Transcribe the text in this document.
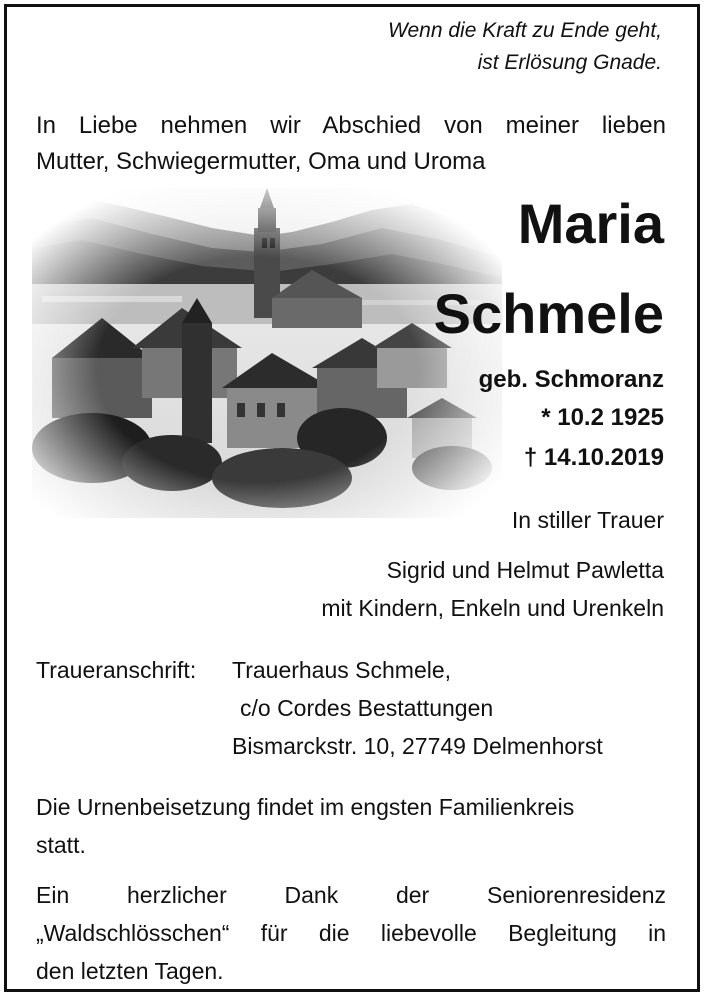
Wenn die Kraft zu Ende geht,
ist Erlösung Gnade.
In Liebe nehmen wir Abschied von meiner lieben
Mutter, Schwiegermutter, Oma und Uroma
Maria
Schmele
geb. Schmoranz
* 10.2 1925
† 14.10.2019
In stiller Trauer
Sigrid und Helmut Pawletta
mit Kindern, Enkeln und Urenkeln
Traueranschrift: Trauerhaus Schmele,
c/o Cordes Bestattungen
Bismarckstr. 10, 27749 Delmenhorst
Die Urnenbeisetzung findet im engsten Familienkreis
statt.
Ein herzlicher Dank der Seniorenresidenz
„Waldschlösschen“ für die liebevolle Begleitung in
den letzten Tagen.
